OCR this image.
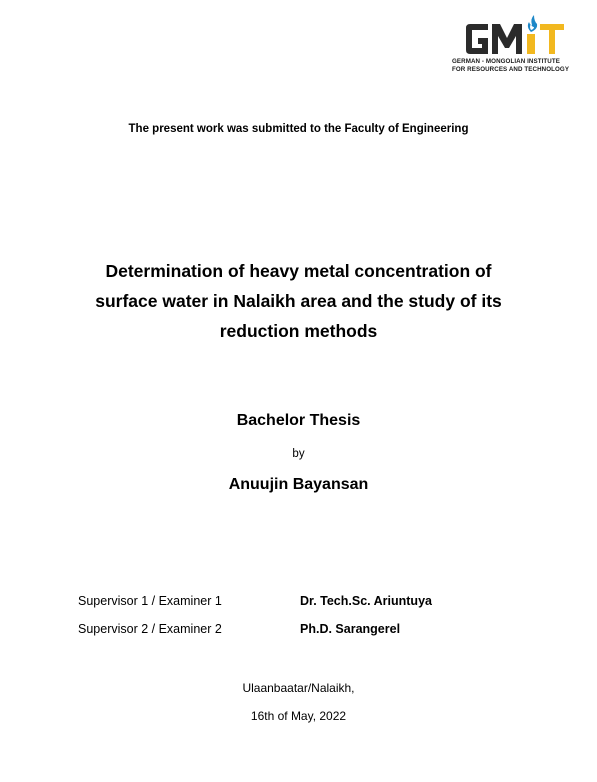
GERMAN - MONGOLIAN INSTITUTE
FOR RESOURCES AND TECHNOLOGY
The present work was submitted to the Faculty of Engineering
Determination of heavy metal concentration of
surface water in Nalaikh area and the study of its
reduction methods
Bachelor Thesis
by
Anuujin Bayansan
Supervisor 1 / Examiner 1	Dr. Tech.Sc. Ariuntuya
Supervisor 2 / Examiner 2	Ph.D. Sarangerel
Ulaanbaatar/Nalaikh,
16th of May, 2022
